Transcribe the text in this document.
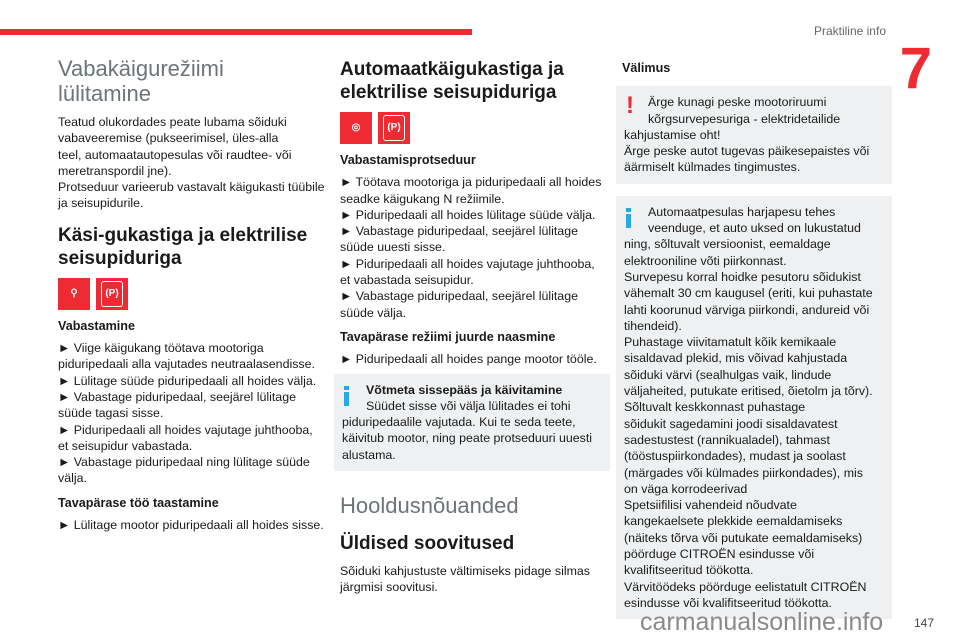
Praktiline info
7
Vabakäigurežiimi
lülitamine
Teatud olukordades peate lubama sõiduki
vabaveeremise (pukseerimisel, üles-alla
teel, automaatautopesulas või raudtee- või
meretranspordil jne).
Protseduur varieerub vastavalt käigukasti tüübile
ja seisupidurile.
Käsi-gukastiga ja elektrilise
seisupiduriga
⚲	(P)
Vabastamine
► Viige käigukang töötava mootoriga
piduripedaali alla vajutades neutraalasendisse.
► Lülitage süüde piduripedaali all hoides välja.
► Vabastage piduripedaal, seejärel lülitage
süüde tagasi sisse.
► Piduripedaali all hoides vajutage juhthooba,
et seisupidur vabastada.
► Vabastage piduripedaal ning lülitage süüde
välja.
Tavapärase töö taastamine
► Lülitage mootor piduripedaali all hoides sisse.
Automaatkäigukastiga ja
elektrilise seisupiduriga
◎	(P)
Vabastamisprotseduur
► Töötava mootoriga ja piduripedaali all hoides
seadke käigukang N režiimile.
► Piduripedaali all hoides lülitage süüde välja.
► Vabastage piduripedaal, seejärel lülitage
süüde uuesti sisse.
► Piduripedaali all hoides vajutage juhthooba,
et vabastada seisupidur.
► Vabastage piduripedaal, seejärel lülitage
süüde välja.
Tavapärase režiimi juurde naasmine
► Piduripedaali all hoides pange mootor tööle.
Võtmeta sissepääs ja käivitamine
Süüdet sisse või välja lülitades ei tohi
piduripedaalile vajutada. Kui te seda teete,
käivitub mootor, ning peate protseduuri uuesti
alustama.
Hooldusnõuanded
Üldised soovitused
Sõiduki kahjustuste vältimiseks pidage silmas
järgmisi soovitusi.
Välimus
!	Ärge kunagi peske mootoriruumi
kõrgsurvepesuriga - elektridetailide
kahjustamise oht!
Ärge peske autot tugevas päikesepaistes või
äärmiselt külmades tingimustes.
Automaatpesulas harjapesu tehes
veenduge, et auto uksed on lukustatud
ning, sõltuvalt versioonist, eemaldage
elektrooniline võti piirkonnast.
Survepesu korral hoidke pesutoru sõidukist
vähemalt 30 cm kaugusel (eriti, kui puhastate
lahti koorunud värviga piirkondi, andureid või
tihendeid).
Puhastage viivitamatult kõik kemikaale
sisaldavad plekid, mis võivad kahjustada
sõiduki värvi (sealhulgas vaik, lindude
väljaheited, putukate eritised, õietolm ja tõrv).
Sõltuvalt keskkonnast puhastage
sõidukit sagedamini joodi sisaldavatest
sadestustest (rannikualadel), tahmast
(tööstuspiirkondades), mudast ja soolast
(märgades või külmades piirkondades), mis
on väga korrodeerivad
Spetsiifilisi vahendeid nõudvate
kangekaelsete plekkide eemaldamiseks
(näiteks tõrva või putukate eemaldamiseks)
pöörduge CITROËN esindusse või
kvalifitseeritud töökotta.
Värvitöödeks pöörduge eelistatult CITROËN
esindusse või kvalifitseeritud töökotta.
carmanualsonline.info	147
